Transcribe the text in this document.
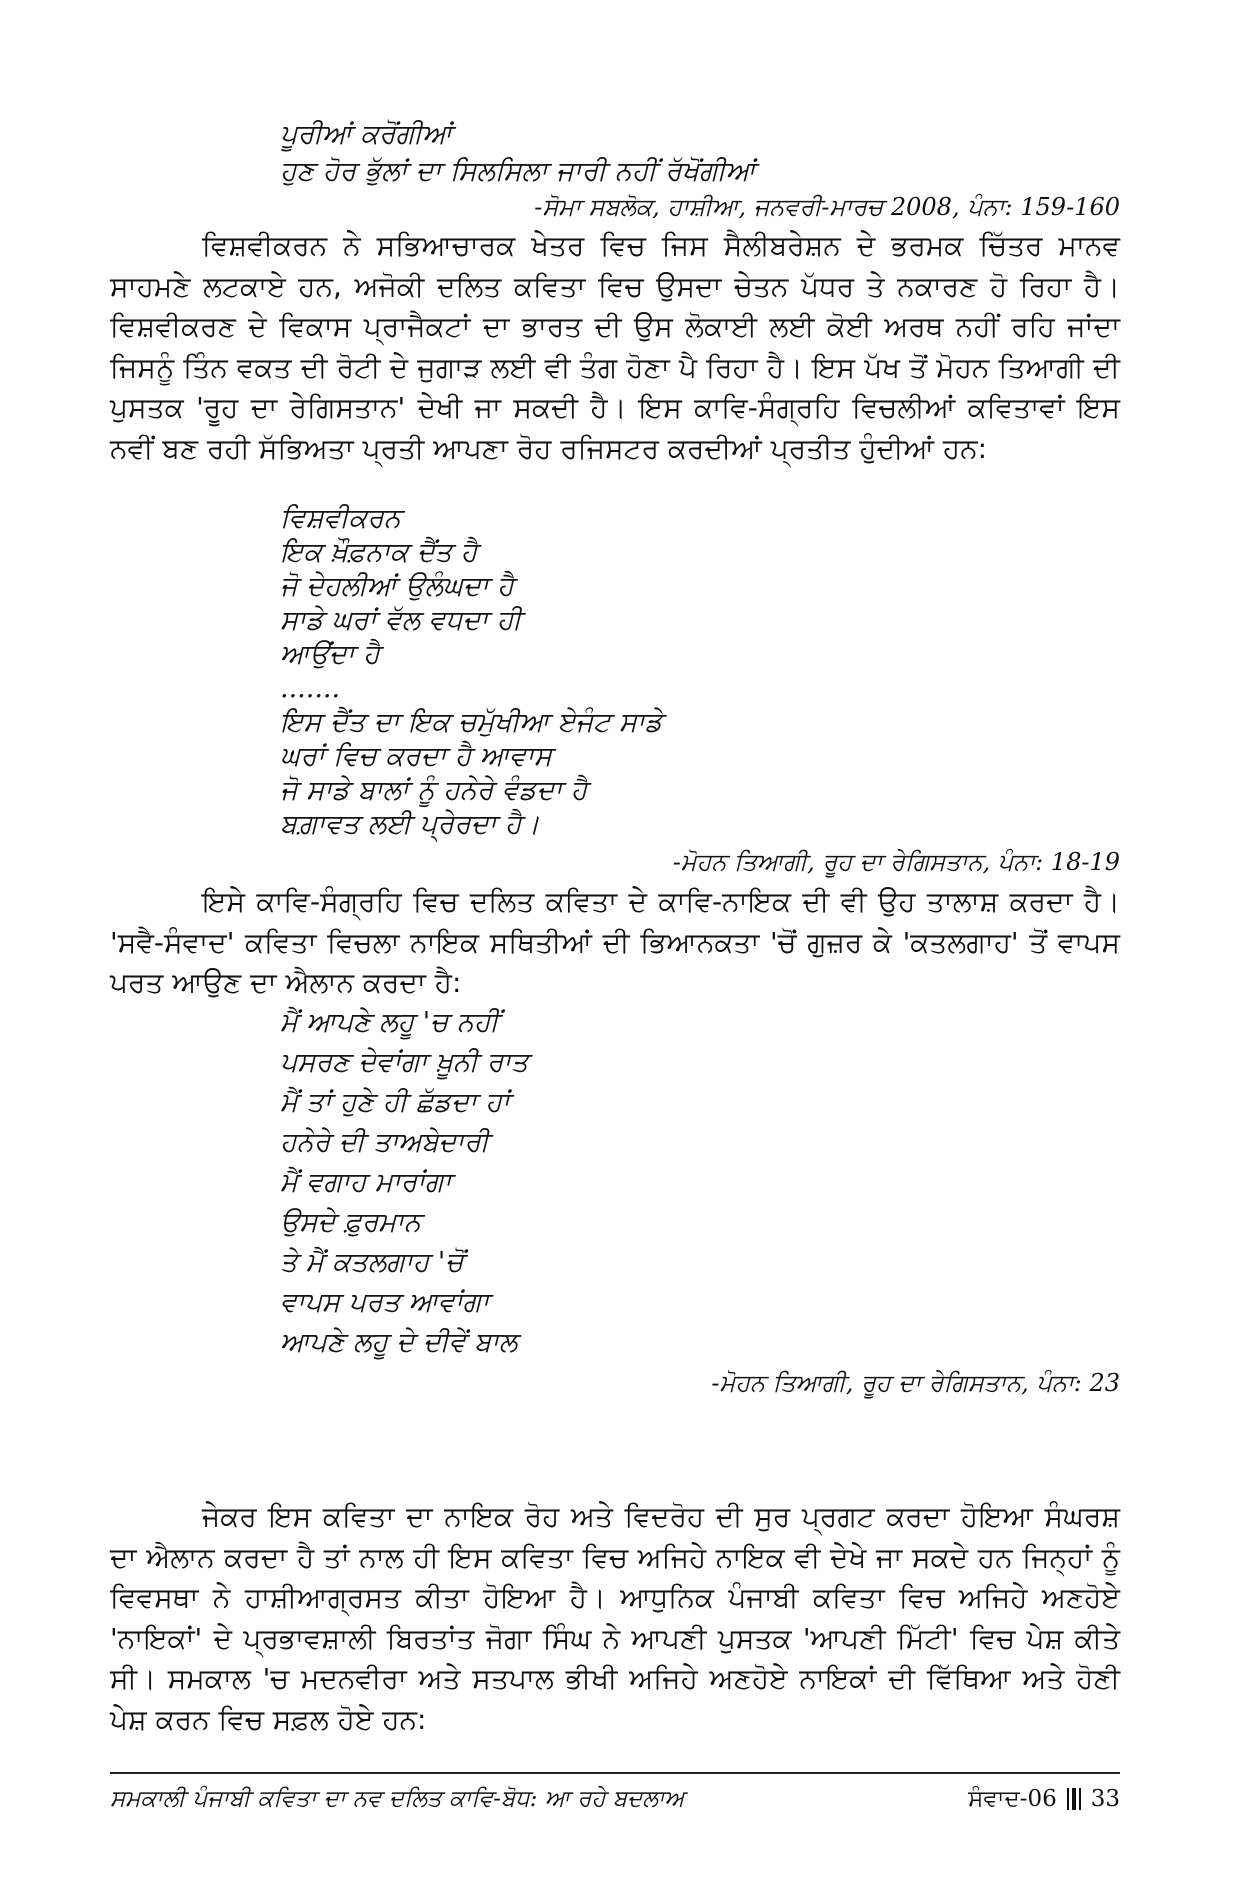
ਪੂਰੀਆਂ ਕਰੋਂਗੀਆਂ
ਹੁਣ ਹੋਰ ਭੁੱਲਾਂ ਦਾ ਸਿਲਸਿਲਾ ਜਾਰੀ ਨਹੀਂ ਰੱਖੋਂਗੀਆਂ
-ਸੋਮਾ ਸਬਲੋਕ, ਹਾਸ਼ੀਆ, ਜਨਵਰੀ-ਮਾਰਚ 2008, ਪੰਨਾ: 159-160

ਵਿਸ਼ਵੀਕਰਨ ਨੇ ਸਭਿਆਚਾਰਕ ਖੇਤਰ ਵਿਚ ਜਿਸ ਸੈਲੀਬਰੇਸ਼ਨ ਦੇ ਭਰਮਕ ਚਿੱਤਰ ਮਾਨਵ ਸਾਹਮਣੇ ਲਟਕਾਏ ਹਨ, ਅਜੋਕੀ ਦਲਿਤ ਕਵਿਤਾ ਵਿਚ ਉਸਦਾ ਚੇਤਨ ਪੱਧਰ ਤੇ ਨਕਾਰਣ ਹੋ ਰਿਹਾ ਹੈ। ਵਿਸ਼ਵੀਕਰਣ ਦੇ ਵਿਕਾਸ ਪ੍ਰਾਜੈਕਟਾਂ ਦਾ ਭਾਰਤ ਦੀ ਉਸ ਲੋਕਾਈ ਲਈ ਕੋਈ ਅਰਥ ਨਹੀਂ ਰਹਿ ਜਾਂਦਾ ਜਿਸਨੂੰ ਤਿੰਨ ਵਕਤ ਦੀ ਰੋਟੀ ਦੇ ਜੁਗਾੜ ਲਈ ਵੀ ਤੰਗ ਹੋਣਾ ਪੈ ਰਿਹਾ ਹੈ। ਇਸ ਪੱਖ ਤੋਂ ਮੋਹਨ ਤਿਆਗੀ ਦੀ ਪੁਸਤਕ 'ਰੂਹ ਦਾ ਰੇਗਿਸਤਾਨ' ਦੇਖੀ ਜਾ ਸਕਦੀ ਹੈ। ਇਸ ਕਾਵਿ-ਸੰਗ੍ਰਹਿ ਵਿਚਲੀਆਂ ਕਵਿਤਾਵਾਂ ਇਸ ਨਵੀਂ ਬਣ ਰਹੀ ਸੱਭਿਅਤਾ ਪ੍ਰਤੀ ਆਪਣਾ ਰੋਹ ਰਜਿਸਟਰ ਕਰਦੀਆਂ ਪ੍ਰਤੀਤ ਹੁੰਦੀਆਂ ਹਨ:

ਵਿਸ਼ਵੀਕਰਨ
ਇਕ ਖ਼ੌਫ਼ਨਾਕ ਦੈਂਤ ਹੈ
ਜੋ ਦੇਹਲੀਆਂ ਉਲੰਘਦਾ ਹੈ
ਸਾਡੇ ਘਰਾਂ ਵੱਲ ਵਧਦਾ ਹੀ
ਆਉਂਦਾ ਹੈ
.......
ਇਸ ਦੈਂਤ ਦਾ ਇਕ ਚਮੁੱਖੀਆ ਏਜੰਟ ਸਾਡੇ
ਘਰਾਂ ਵਿਚ ਕਰਦਾ ਹੈ ਆਵਾਸ
ਜੋ ਸਾਡੇ ਬਾਲਾਂ ਨੂੰ ਹਨੇਰੇ ਵੰਡਦਾ ਹੈ
ਬਗ਼ਾਵਤ ਲਈ ਪ੍ਰੇਰਦਾ ਹੈ।
-ਮੋਹਨ ਤਿਆਗੀ, ਰੂਹ ਦਾ ਰੇਗਿਸਤਾਨ, ਪੰਨਾ: 18-19

ਇਸੇ ਕਾਵਿ-ਸੰਗ੍ਰਹਿ ਵਿਚ ਦਲਿਤ ਕਵਿਤਾ ਦੇ ਕਾਵਿ-ਨਾਇਕ ਦੀ ਵੀ ਉਹ ਤਾਲਾਸ਼ ਕਰਦਾ ਹੈ। 'ਸਵੈ-ਸੰਵਾਦ' ਕਵਿਤਾ ਵਿਚਲਾ ਨਾਇਕ ਸਥਿਤੀਆਂ ਦੀ ਭਿਆਨਕਤਾ 'ਚੋਂ ਗੁਜ਼ਰ ਕੇ 'ਕਤਲਗਾਹ' ਤੋਂ ਵਾਪਸ ਪਰਤ ਆਉਣ ਦਾ ਐਲਾਨ ਕਰਦਾ ਹੈ:

ਮੈਂ ਆਪਣੇ ਲਹੂ 'ਚ ਨਹੀਂ
ਪਸਰਣ ਦੇਵਾਂਗਾ ਖ਼ੂਨੀ ਰਾਤ
ਮੈਂ ਤਾਂ ਹੁਣੇ ਹੀ ਛੱਡਦਾ ਹਾਂ
ਹਨੇਰੇ ਦੀ ਤਾਅਬੇਦਾਰੀ
ਮੈਂ ਵਗਾਹ ਮਾਰਾਂਗਾ
ਉਸਦੇ ਫ਼ੁਰਮਾਨ
ਤੇ ਮੈਂ ਕਤਲਗਾਹ 'ਚੋਂ
ਵਾਪਸ ਪਰਤ ਆਵਾਂਗਾ
ਆਪਣੇ ਲਹੂ ਦੇ ਦੀਵੇਂ ਬਾਲ
-ਮੋਹਨ ਤਿਆਗੀ, ਰੂਹ ਦਾ ਰੇਗਿਸਤਾਨ, ਪੰਨਾ: 23

ਜੇਕਰ ਇਸ ਕਵਿਤਾ ਦਾ ਨਾਇਕ ਰੋਹ ਅਤੇ ਵਿਦਰੋਹ ਦੀ ਸੁਰ ਪ੍ਰਗਟ ਕਰਦਾ ਹੋਇਆ ਸੰਘਰਸ਼ ਦਾ ਐਲਾਨ ਕਰਦਾ ਹੈ ਤਾਂ ਨਾਲ ਹੀ ਇਸ ਕਵਿਤਾ ਵਿਚ ਅਜਿਹੇ ਨਾਇਕ ਵੀ ਦੇਖੇ ਜਾ ਸਕਦੇ ਹਨ ਜਿਨ੍ਹਾਂ ਨੂੰ ਵਿਵਸਥਾ ਨੇ ਹਾਸ਼ੀਆਗ੍ਰਸਤ ਕੀਤਾ ਹੋਇਆ ਹੈ। ਆਧੁਨਿਕ ਪੰਜਾਬੀ ਕਵਿਤਾ ਵਿਚ ਅਜਿਹੇ ਅਣਹੋਏ 'ਨਾਇਕਾਂ' ਦੇ ਪ੍ਰਭਾਵਸ਼ਾਲੀ ਬਿਰਤਾਂਤ ਜੋਗਾ ਸਿੰਘ ਨੇ ਆਪਣੀ ਪੁਸਤਕ 'ਆਪਣੀ ਮਿੱਟੀ' ਵਿਚ ਪੇਸ਼ ਕੀਤੇ ਸੀ। ਸਮਕਾਲ 'ਚ ਮਦਨਵੀਰਾ ਅਤੇ ਸਤਪਾਲ ਭੀਖੀ ਅਜਿਹੇ ਅਣਹੋਏ ਨਾਇਕਾਂ ਦੀ ਵਿੱਥਿਆ ਅਤੇ ਹੋਣੀ ਪੇਸ਼ ਕਰਨ ਵਿਚ ਸਫ਼ਲ ਹੋਏ ਹਨ:

ਸਮਕਾਲੀ ਪੰਜਾਬੀ ਕਵਿਤਾ ਦਾ ਨਵ ਦਲਿਤ ਕਾਵਿ-ਬੋਧ: ਆ ਰਹੇ ਬਦਲਾਅ	ਸੰਵਾਦ-06 33
